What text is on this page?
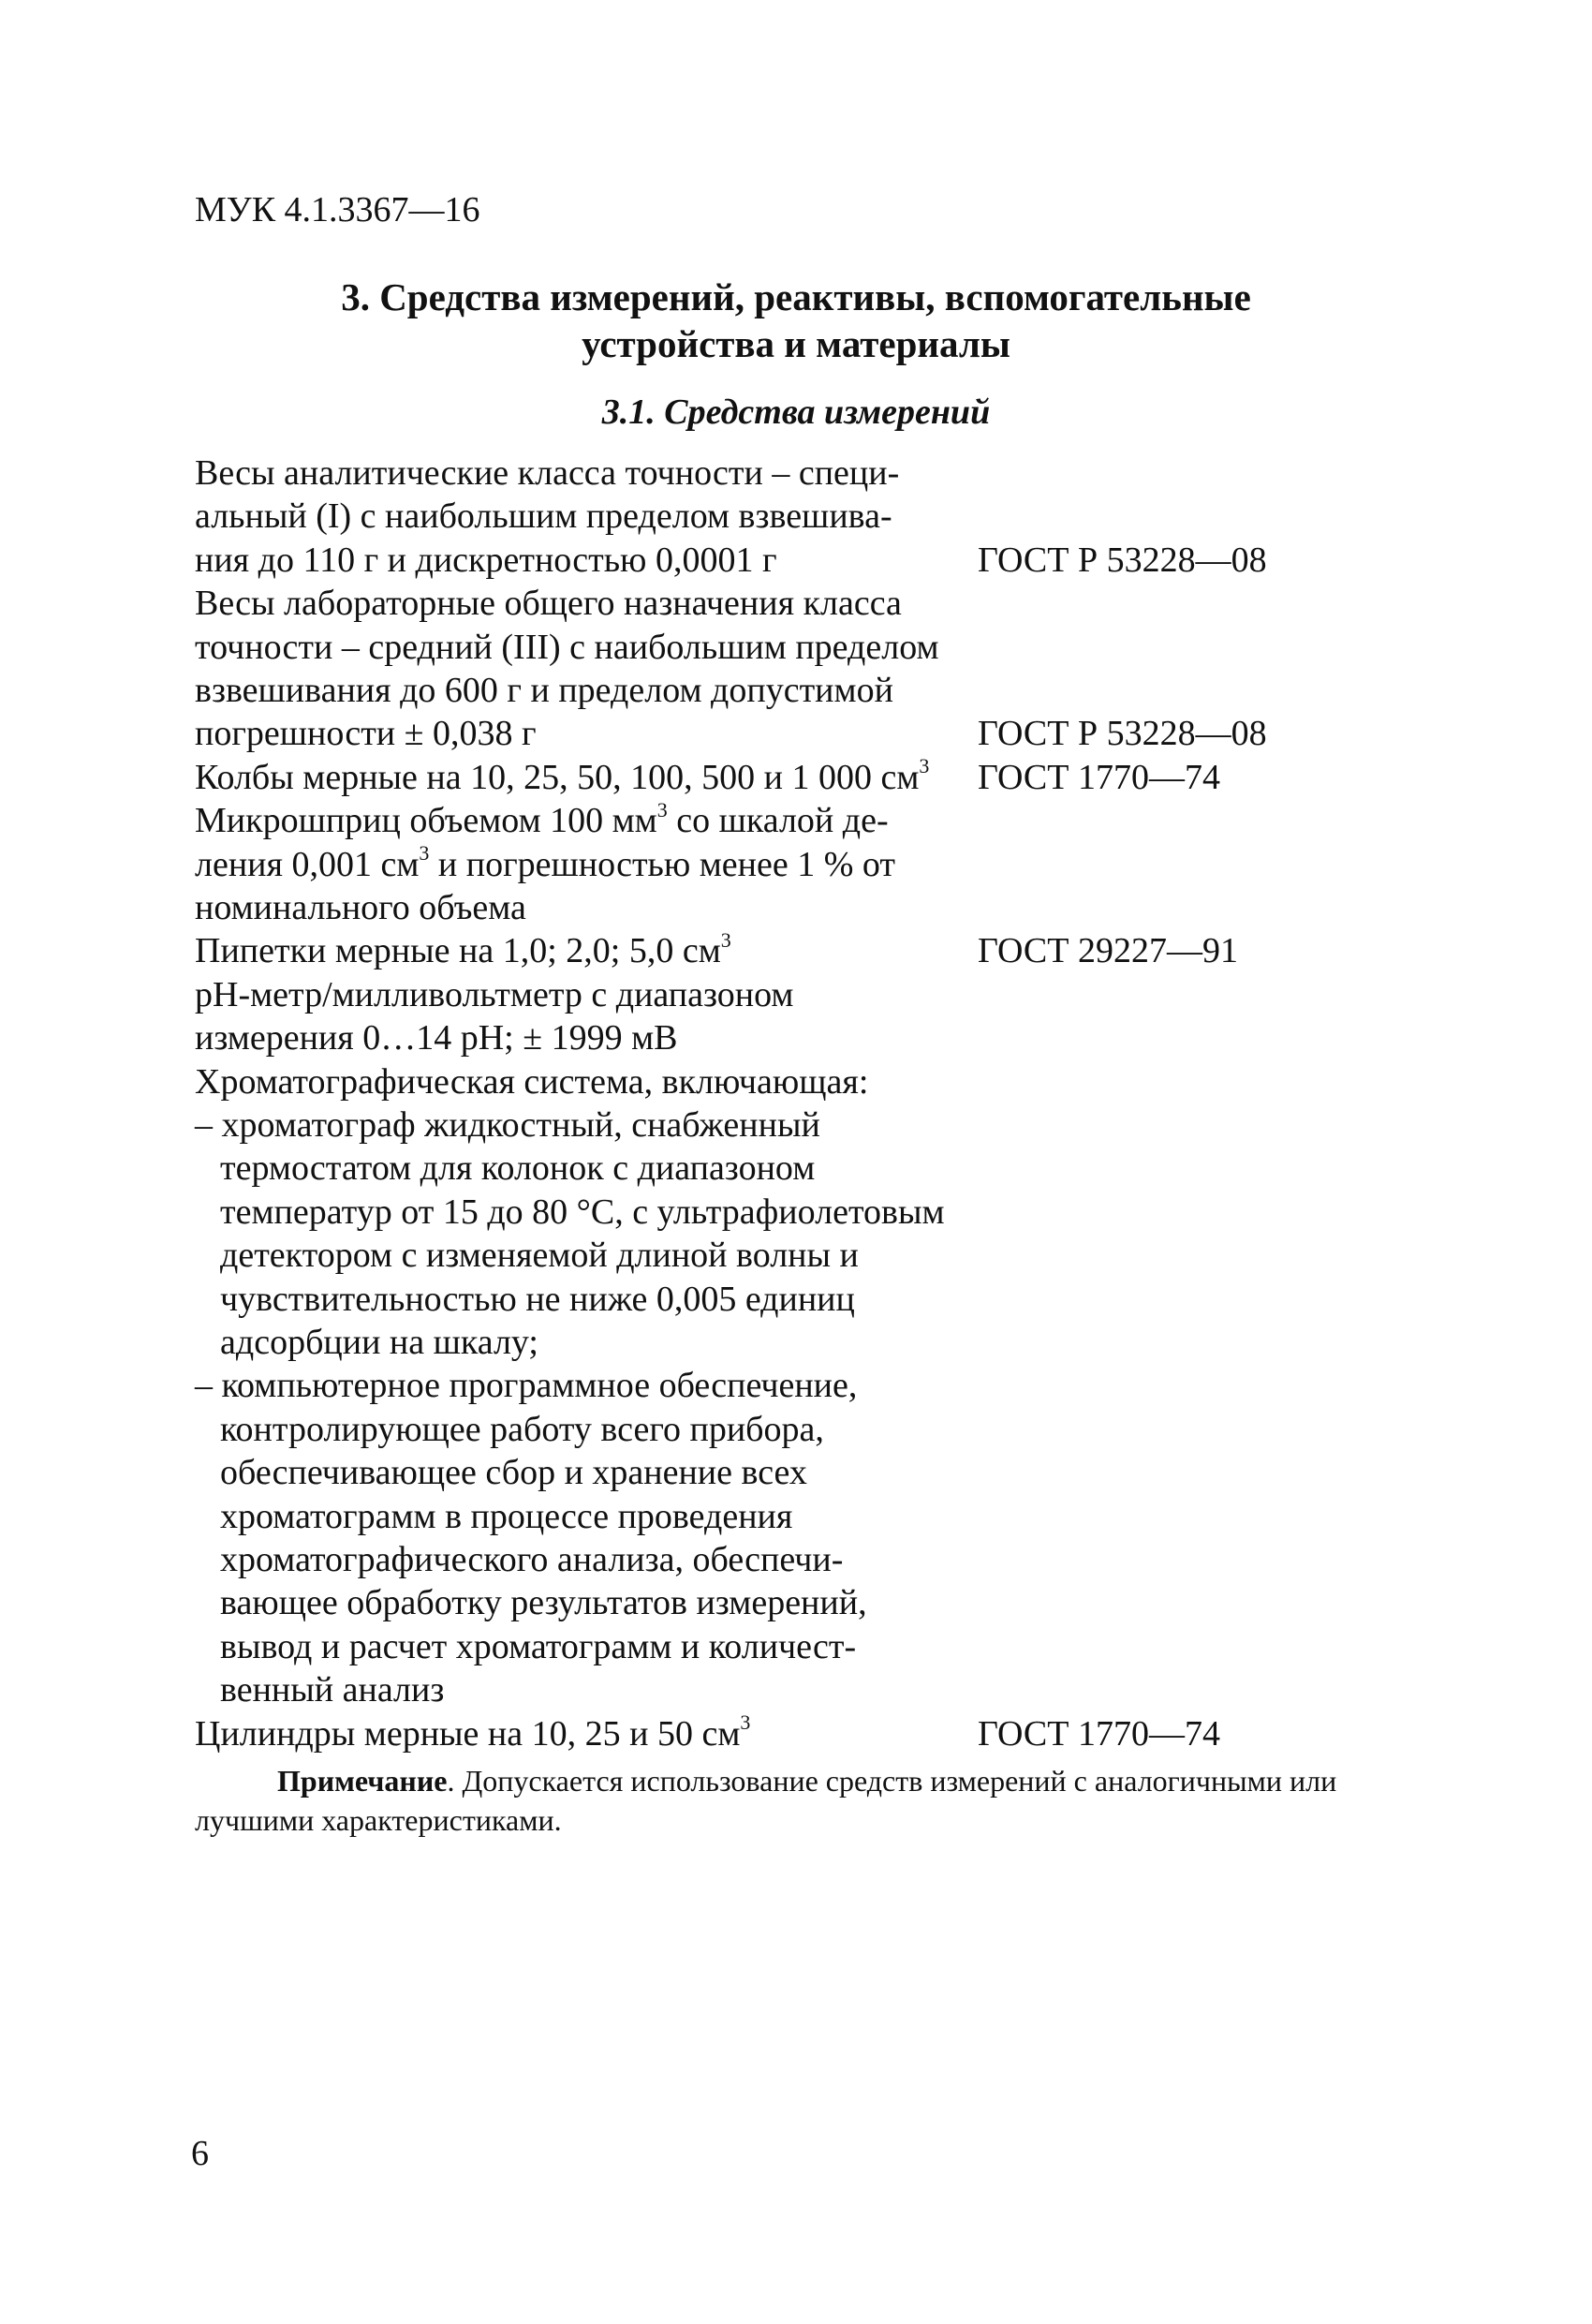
МУК 4.1.3367—16
3. Средства измерений, реактивы, вспомогательные
устройства и материалы
3.1. Средства измерений
Весы аналитические класса точности – специ-
альный (I) с наибольшим пределом взвешива-
ния до 110 г и дискретностью 0,0001 г	ГОСТ Р 53228—08
Весы лабораторные общего назначения класса
точности – средний (III) с наибольшим пределом
взвешивания до 600 г и пределом допустимой
погрешности ± 0,038 г	ГОСТ Р 53228—08
Колбы мерные на 10, 25, 50, 100, 500 и 1 000 $см^3$	ГОСТ 1770—74
Микрошприц объемом 100 $мм^3$ со шкалой де-
ления 0,001 $см^3$ и погрешностью менее 1 % от
номинального объема
Пипетки мерные на 1,0; 2,0; 5,0 $см^3$	ГОСТ 29227—91
pH-метр/милливольтметр с диапазоном
измерения 0…14 pH; ± 1999 мВ
Хроматографическая система, включающая:
– хроматограф жидкостный, снабженный
термостатом для колонок с диапазоном
температур от 15 до 80 °С, с ультрафиолетовым
детектором с изменяемой длиной волны и
чувствительностью не ниже 0,005 единиц
адсорбции на шкалу;
– компьютерное программное обеспечение,
контролирующее работу всего прибора,
обеспечивающее сбор и хранение всех
хроматограмм в процессе проведения
хроматографического анализа, обеспечи-
вающее обработку результатов измерений,
вывод и расчет хроматограмм и количест-
венный анализ
Цилиндры мерные на 10, 25 и 50 $см^3$	ГОСТ 1770—74
Примечание. Допускается использование средств измерений с аналогичными или лучшими характеристиками.
6
